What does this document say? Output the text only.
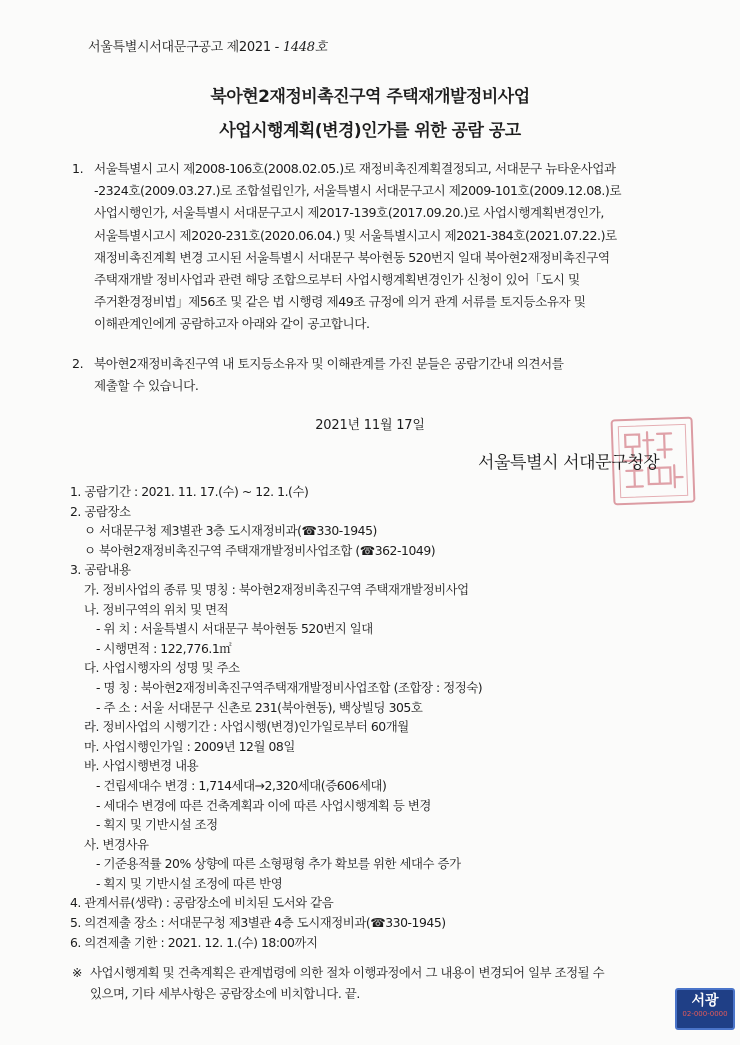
서울특별시서대문구공고 제2021 - 1448호
북아현2재정비촉진구역 주택재개발정비사업
사업시행계획(변경)인가를 위한 공람 공고
1. 서울특별시 고시 제2008-106호(2008.02.05.)로 재정비촉진계획결정되고, 서대문구 뉴타운사업과
-2324호(2009.03.27.)로 조합설립인가, 서울특별시 서대문구고시 제2009-101호(2009.12.08.)로
사업시행인가, 서울특별시 서대문구고시 제2017-139호(2017.09.20.)로 사업시행계획변경인가,
서울특별시고시 제2020-231호(2020.06.04.) 및 서울특별시고시 제2021-384호(2021.07.22.)로
재정비촉진계획 변경 고시된 서울특별시 서대문구 북아현동 520번지 일대 북아현2재정비촉진구역
주택재개발 정비사업과 관련 해당 조합으로부터 사업시행계획변경인가 신청이 있어「도시 및
주거환경정비법」제56조 및 같은 법 시행령 제49조 규정에 의거 관계 서류를 토지등소유자 및
이해관계인에게 공람하고자 아래와 같이 공고합니다.
2. 북아현2재정비촉진구역 내 토지등소유자 및 이해관계를 가진 분들은 공람기간내 의견서를
제출할 수 있습니다.
2021년 11월 17일
서울특별시 서대문구청장
1. 공람기간 : 2021. 11. 17.(수) ~ 12. 1.(수)
2. 공람장소
ㅇ 서대문구청 제3별관 3층 도시재정비과(☎330-1945)
ㅇ 북아현2재정비촉진구역 주택재개발정비사업조합 (☎362-1049)
3. 공람내용
가. 정비사업의 종류 및 명칭 : 북아현2재정비촉진구역 주택재개발정비사업
나. 정비구역의 위치 및 면적
- 위 치 : 서울특별시 서대문구 북아현동 520번지 일대
- 시행면적 : 122,776.1㎡
다. 사업시행자의 성명 및 주소
- 명 칭 : 북아현2재정비촉진구역주택재개발정비사업조합 (조합장 : 정정숙)
- 주 소 : 서울 서대문구 신촌로 231(북아현동), 백상빌딩 305호
라. 정비사업의 시행기간 : 사업시행(변경)인가일로부터 60개월
마. 사업시행인가일 : 2009년 12월 08일
바. 사업시행변경 내용
- 건립세대수 변경 : 1,714세대→2,320세대(증606세대)
- 세대수 변경에 따른 건축계획과 이에 따른 사업시행계획 등 변경
- 획지 및 기반시설 조정
사. 변경사유
- 기준용적률 20% 상향에 따른 소형평형 추가 확보를 위한 세대수 증가
- 획지 및 기반시설 조정에 따른 반영
4. 관계서류(생략) : 공람장소에 비치된 도서와 같음
5. 의견제출 장소 : 서대문구청 제3별관 4층 도시재정비과(☎330-1945)
6. 의견제출 기한 : 2021. 12. 1.(수) 18:00까지
※ 사업시행계획 및 건축계획은 관계법령에 의한 절차 이행과정에서 그 내용이 변경되어 일부 조정될 수
있으며, 기타 세부사항은 공람장소에 비치합니다. 끝.	서광
02-000-0000
